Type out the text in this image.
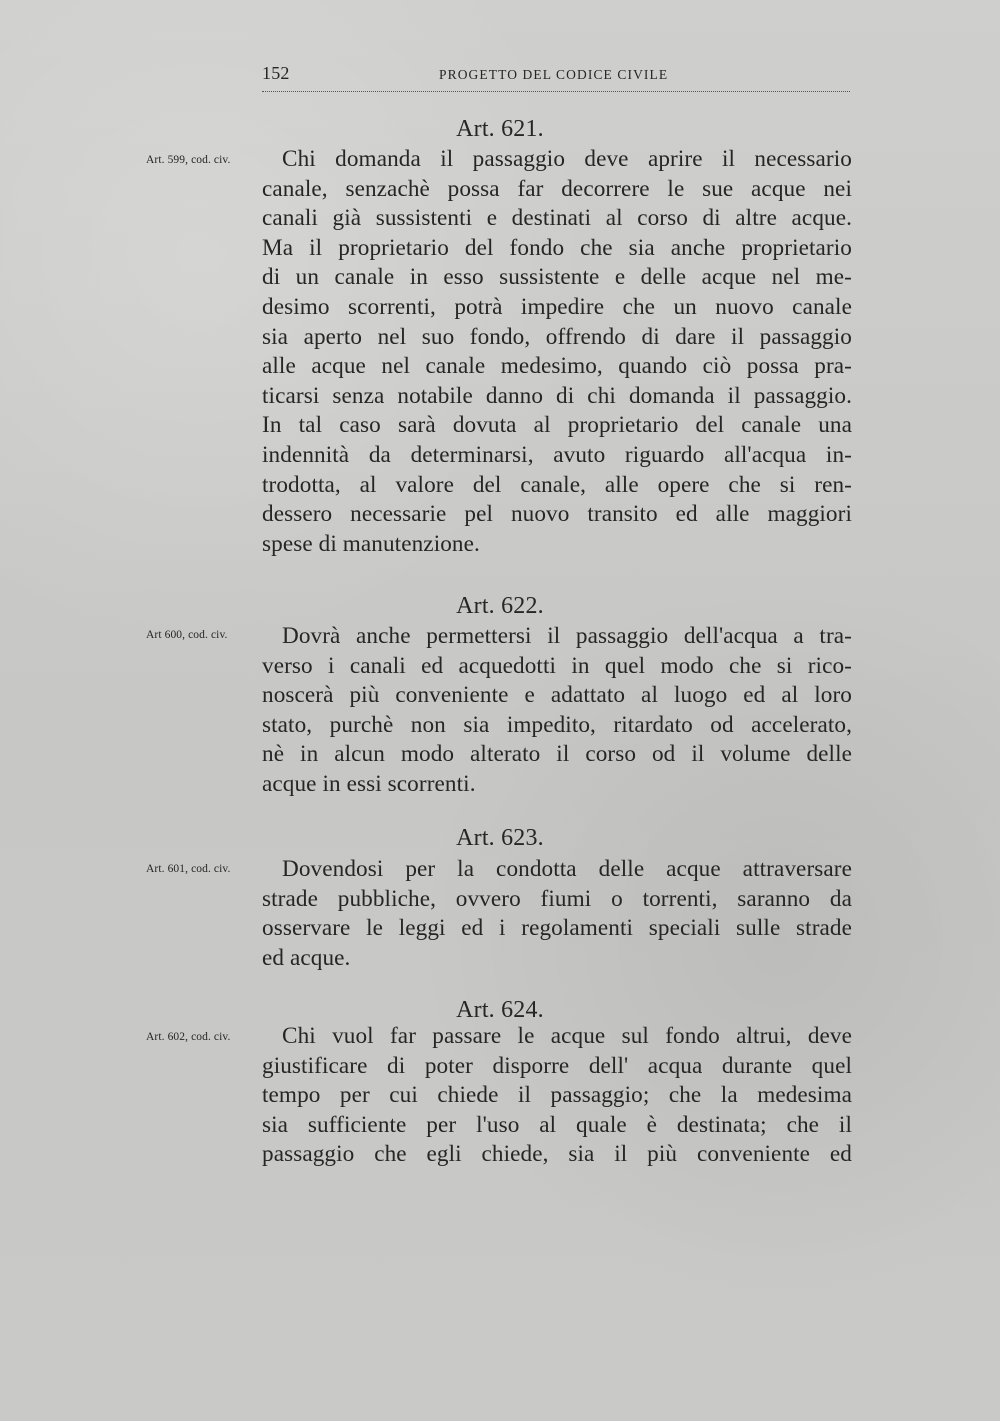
152	PROGETTO DEL CODICE CIVILE
Art. 621.
Art. 599, cod. civ.	Chi domanda il passaggio deve aprire il necessario
canale, senzachè possa far decorrere le sue acque nei
canali già sussistenti e destinati al corso di altre acque.
Ma il proprietario del fondo che sia anche proprietario
di un canale in esso sussistente e delle acque nel me-
desimo scorrenti, potrà impedire che un nuovo canale
sia aperto nel suo fondo, offrendo di dare il passaggio
alle acque nel canale medesimo, quando ciò possa pra-
ticarsi senza notabile danno di chi domanda il passaggio.
In tal caso sarà dovuta al proprietario del canale una
indennità da determinarsi, avuto riguardo all'acqua in-
trodotta, al valore del canale, alle opere che si ren-
dessero necessarie pel nuovo transito ed alle maggiori
spese di manutenzione.
Art. 622.
Art 600, cod. civ.	Dovrà anche permettersi il passaggio dell'acqua a tra-
verso i canali ed acquedotti in quel modo che si rico-
noscerà più conveniente e adattato al luogo ed al loro
stato, purchè non sia impedito, ritardato od accelerato,
nè in alcun modo alterato il corso od il volume delle
acque in essi scorrenti.
Art. 623.
Art. 601, cod. civ.	Dovendosi per la condotta delle acque attraversare
strade pubbliche, ovvero fiumi o torrenti, saranno da
osservare le leggi ed i regolamenti speciali sulle strade
ed acque.
Art. 624.
Art. 602, cod. civ.	Chi vuol far passare le acque sul fondo altrui, deve
giustificare di poter disporre dell' acqua durante quel
tempo per cui chiede il passaggio; che la medesima
sia sufficiente per l'uso al quale è destinata; che il
passaggio che egli chiede, sia il più conveniente ed
